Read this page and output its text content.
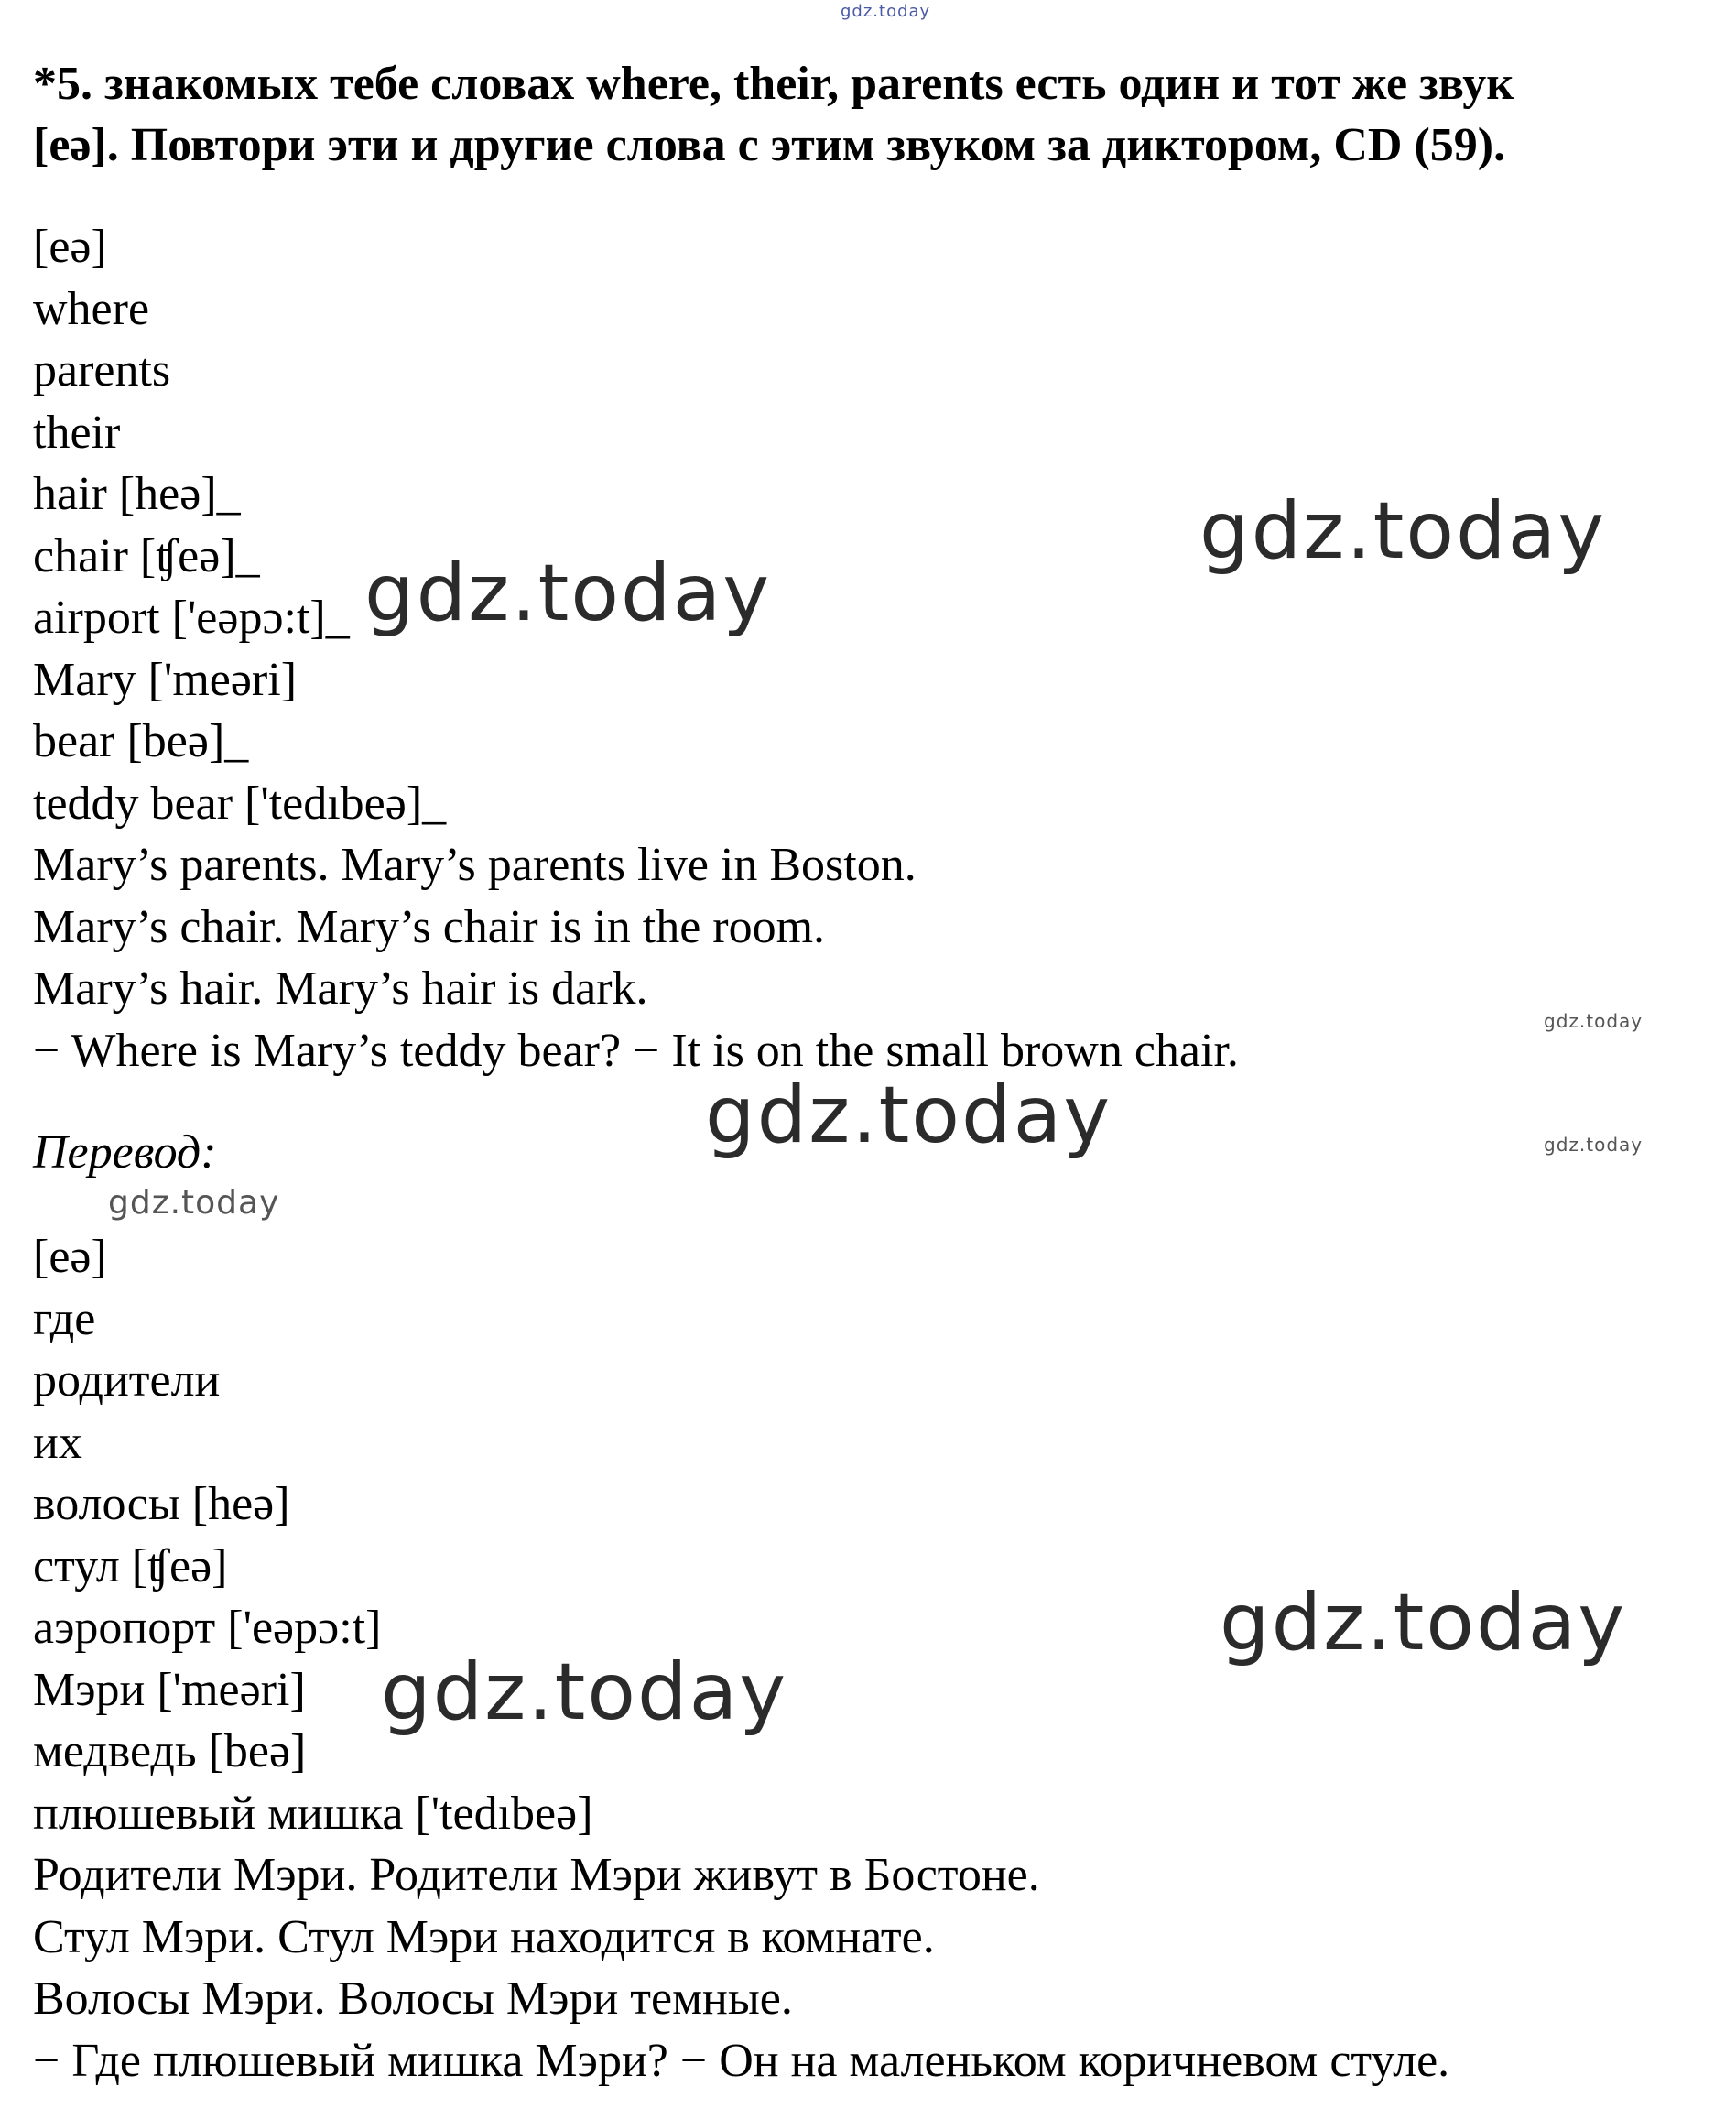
gdz.today
*5. знакомых тебе словах where, their, parents есть один и тот же звук
[eə]. Повтори эти и другие слова с этим звуком за диктором, CD (59).
[eə]
where
parents
their
hair [heə]_
chair [ʧeə]_
airport ['eəpɔ:t]_
Mary ['meəri]
bear [beə]_
teddy bear ['tedıbeə]_
Mary’s parents. Mary’s parents live in Boston.
Mary’s chair. Mary’s chair is in the room.
Mary’s hair. Mary’s hair is dark.
− Where is Mary’s teddy bear? − It is on the small brown chair.
Перевод:
[eə]
где
родители
их
волосы [heə]
стул [ʧeə]
аэропорт ['eəpɔ:t]
Мэри ['meəri]
медведь [beə]
плюшевый мишка ['tedıbeə]
Родители Мэри. Родители Мэри живут в Бостоне.
Стул Мэри. Стул Мэри находится в комнате.
Волосы Мэри. Волосы Мэри темные.
− Где плюшевый мишка Мэри? − Он на маленьком коричневом стуле.
gdz.today
gdz.today
gdz.today
gdz.today
gdz.today
gdz.today
gdz.today
gdz.today
